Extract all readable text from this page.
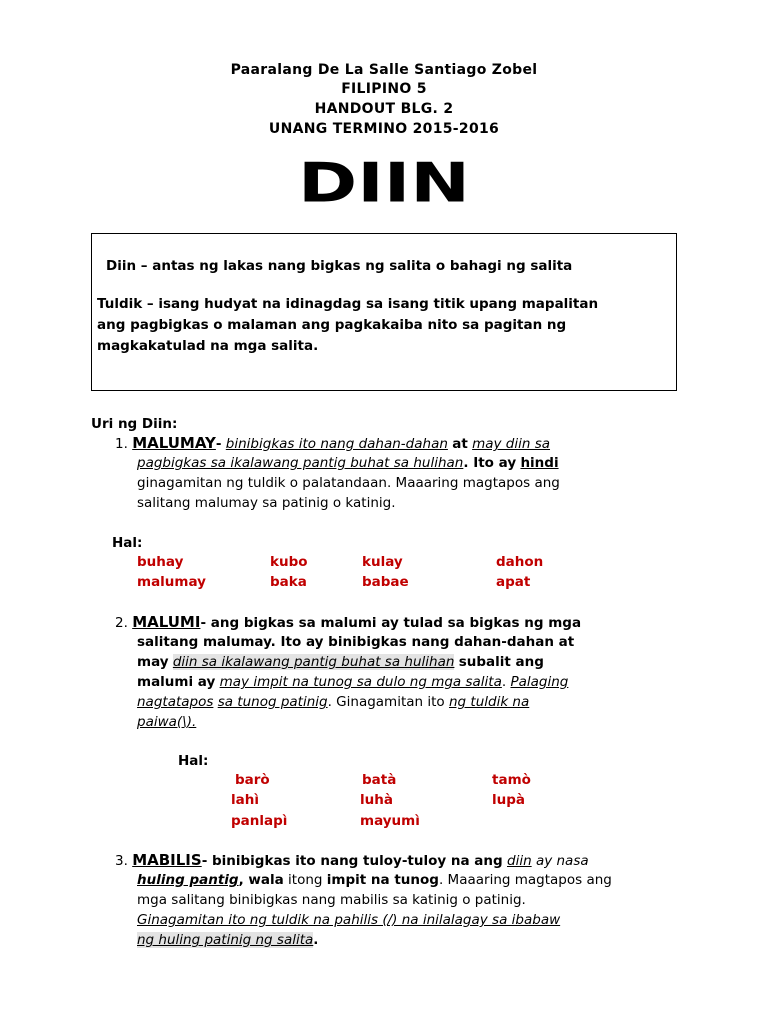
Paaralang De La Salle Santiago Zobel
FILIPINO 5
HANDOUT BLG. 2
UNANG TERMINO 2015-2016
DIIN
Diin – antas ng lakas nang bigkas ng salita o bahagi ng salita
Tuldik – isang hudyat na idinagdag sa isang titik upang mapalitan
ang pagbigkas o malaman ang pagkakaiba nito sa pagitan ng
magkakatulad na mga salita.
Uri ng Diin:
1. MALUMAY- binibigkas ito nang dahan-dahan at may diin sa
pagbigkas sa ikalawang pantig buhat sa hulihan. Ito ay hindi
ginagamitan ng tuldik o palatandaan. Maaaring magtapos ang
salitang malumay sa patinig o katinig.
Hal:
buhay	kubo	kulay	dahon
malumay	baka	babae	apat
2. MALUMI- ang bigkas sa malumi ay tulad sa bigkas ng mga
salitang malumay. Ito ay binibigkas nang dahan-dahan at
may diin sa ikalawang pantig buhat sa hulihan subalit ang
malumi ay may impit na tunog sa dulo ng mga salita. Palaging
nagtatapos sa tunog patinig. Ginagamitan ito ng tuldik na
paiwa(\).
Hal:
barò	batà	tamò
lahì	luhà	lupà
panlapì	mayumì
3. MABILIS- binibigkas ito nang tuloy-tuloy na ang diin ay nasa
huling pantig, wala itong impit na tunog. Maaaring magtapos ang
mga salitang binibigkas nang mabilis sa katinig o patinig.
Ginagamitan ito ng tuldik na pahilis (/) na inilalagay sa ibabaw
ng huling patinig ng salita.
